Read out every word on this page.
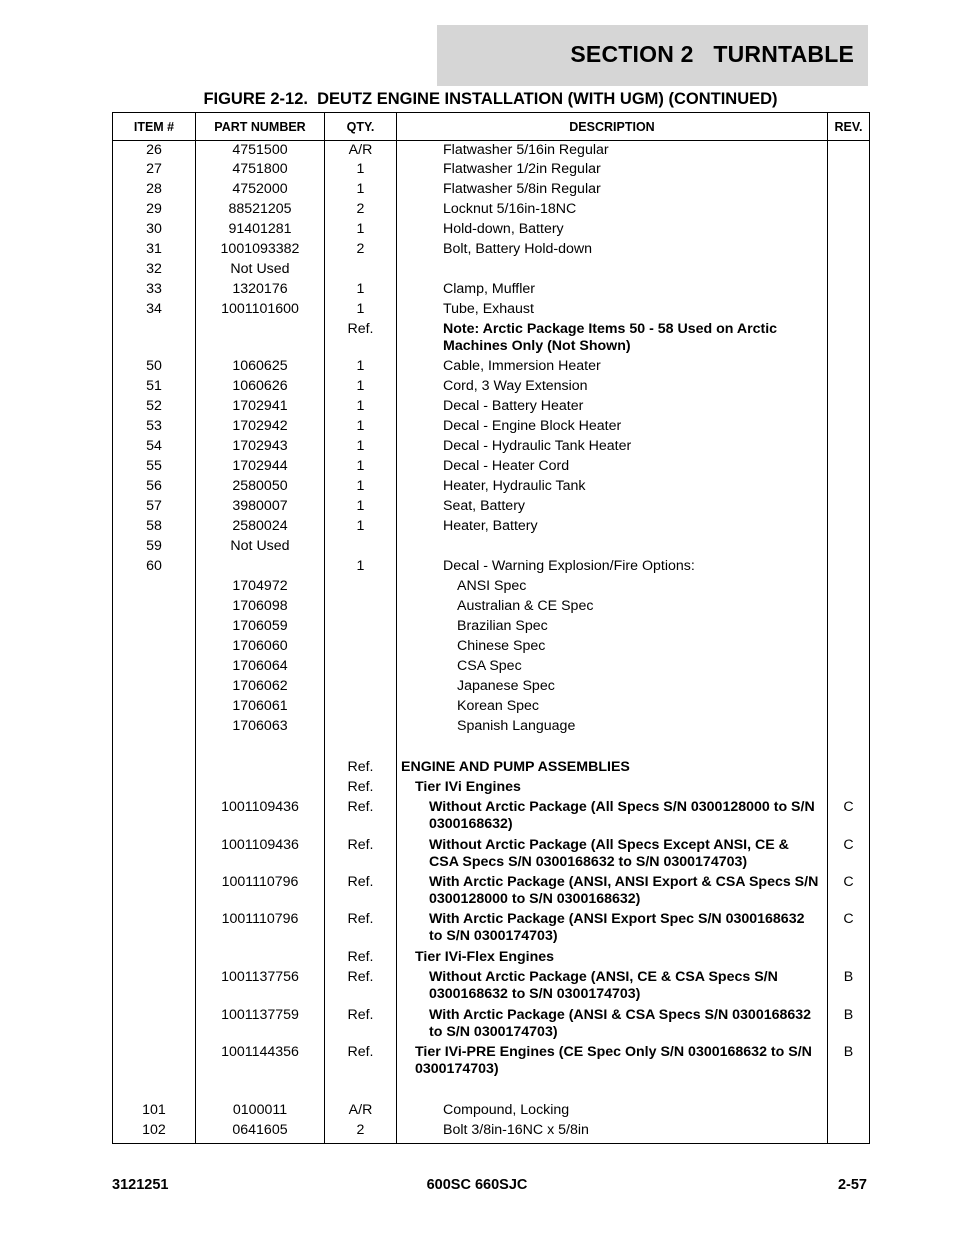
SECTION 2   TURNTABLE
FIGURE 2-12.  DEUTZ ENGINE INSTALLATION (WITH UGM) (CONTINUED)
ITEM #	PART NUMBER	QTY.	DESCRIPTION	REV.
26	4751500	A/R	Flatwasher 5/16in Regular	
27	4751800	1	Flatwasher 1/2in Regular	
28	4752000	1	Flatwasher 5/8in Regular	
29	88521205	2	Locknut 5/16in-18NC	
30	91401281	1	Hold-down, Battery	
31	1001093382	2	Bolt, Battery Hold-down	
32	Not Used			
33	1320176	1	Clamp, Muffler	
34	1001101600	1	Tube, Exhaust	
		Ref.	Note: Arctic Package Items 50 - 58 Used on Arctic Machines Only (Not Shown)	
50	1060625	1	Cable, Immersion Heater	
51	1060626	1	Cord, 3 Way Extension	
52	1702941	1	Decal - Battery Heater	
53	1702942	1	Decal - Engine Block Heater	
54	1702943	1	Decal - Hydraulic Tank Heater	
55	1702944	1	Decal - Heater Cord	
56	2580050	1	Heater, Hydraulic Tank	
57	3980007	1	Seat, Battery	
58	2580024	1	Heater, Battery	
59	Not Used			
60		1	Decal - Warning Explosion/Fire Options:	
	1704972		ANSI Spec	
	1706098		Australian & CE Spec	
	1706059		Brazilian Spec	
	1706060		Chinese Spec	
	1706064		CSA Spec	
	1706062		Japanese Spec	
	1706061		Korean Spec	
	1706063		Spanish Language	
		Ref.	ENGINE AND PUMP ASSEMBLIES	
		Ref.	Tier IVi Engines	
	1001109436	Ref.	Without Arctic Package (All Specs S/N 0300128000 to S/N 0300168632)	C
	1001109436	Ref.	Without Arctic Package (All Specs Except ANSI, CE & CSA Specs S/N 0300168632 to S/N 0300174703)	C
	1001110796	Ref.	With Arctic Package (ANSI, ANSI Export & CSA Specs S/N 0300128000 to S/N 0300168632)	C
	1001110796	Ref.	With Arctic Package (ANSI Export Spec S/N 0300168632 to S/N 0300174703)	C
		Ref.	Tier IVi-Flex Engines	
	1001137756	Ref.	Without Arctic Package (ANSI, CE & CSA Specs S/N 0300168632 to S/N 0300174703)	B
	1001137759	Ref.	With Arctic Package (ANSI & CSA Specs S/N 0300168632 to S/N 0300174703)	B
	1001144356	Ref.	Tier IVi-PRE Engines (CE Spec Only S/N 0300168632 to S/N 0300174703)	B
101	0100011	A/R	Compound, Locking	
102	0641605	2	Bolt 3/8in-16NC x 5/8in	
3121251	600SC 660SJC	2-57
